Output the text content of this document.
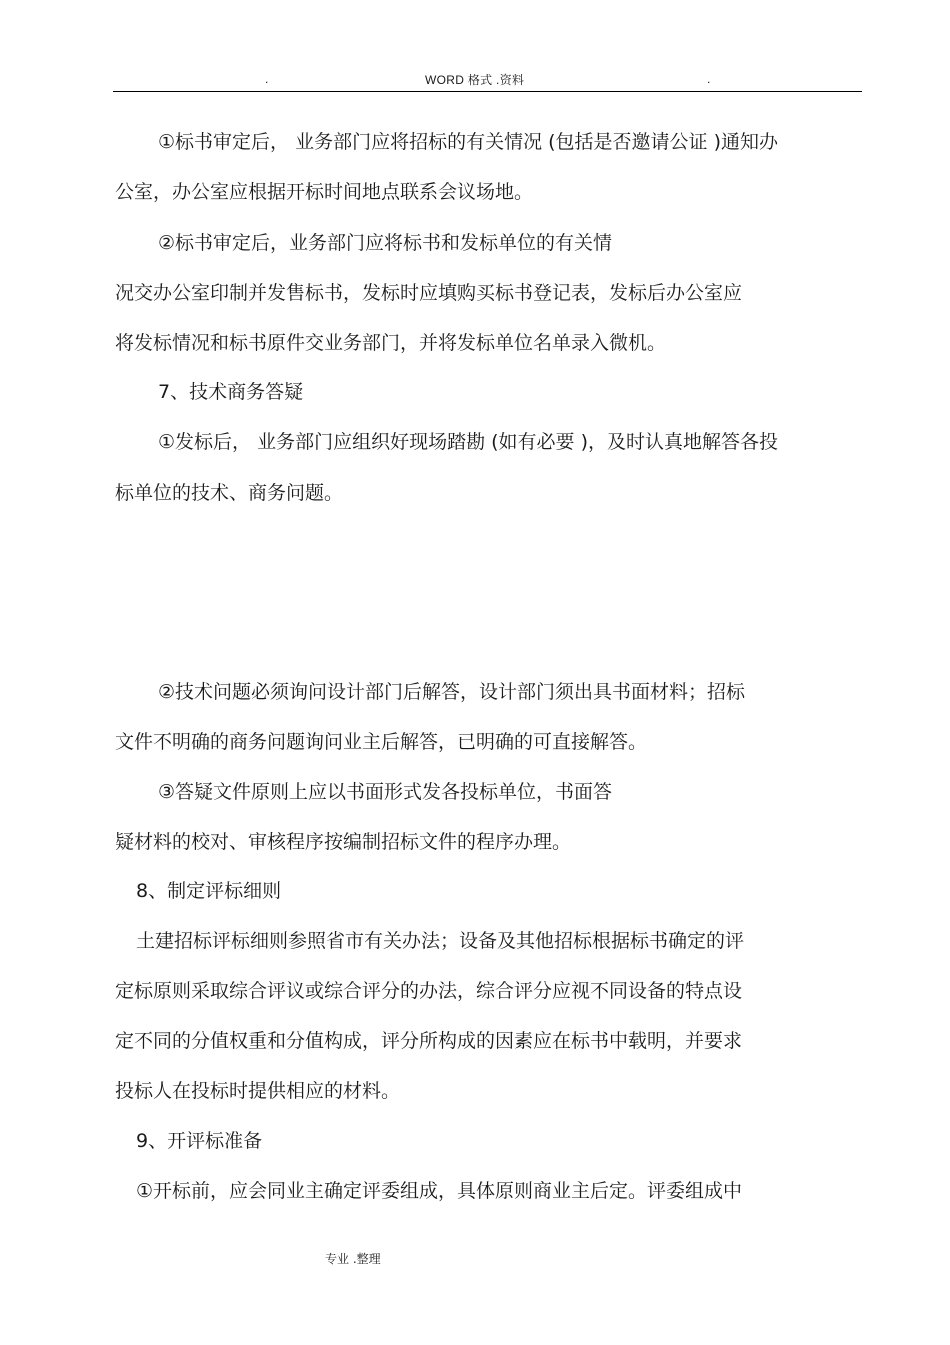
.	WORD 格式 .资料	.
①标书审定后， 业务部门应将招标的有关情况 (包括是否邀请公证 )通知办
公室，办公室应根据开标时间地点联系会议场地。
②标书审定后，业务部门应将标书和发标单位的有关情
况交办公室印制并发售标书，发标时应填购买标书登记表，发标后办公室应
将发标情况和标书原件交业务部门，并将发标单位名单录入微机。
7、技术商务答疑
①发标后， 业务部门应组织好现场踏勘 (如有必要 )，及时认真地解答各投
标单位的技术、商务问题。
②技术问题必须询问设计部门后解答，设计部门须出具书面材料；招标
文件不明确的商务问题询问业主后解答，已明确的可直接解答。
③答疑文件原则上应以书面形式发各投标单位，书面答
疑材料的校对、审核程序按编制招标文件的程序办理。
8、制定评标细则
土建招标评标细则参照省市有关办法；设备及其他招标根据标书确定的评
定标原则采取综合评议或综合评分的办法，综合评分应视不同设备的特点设
定不同的分值权重和分值构成，评分所构成的因素应在标书中载明，并要求
投标人在投标时提供相应的材料。
9、开评标准备
①开标前，应会同业主确定评委组成，具体原则商业主后定。评委组成中
专业 .整理
